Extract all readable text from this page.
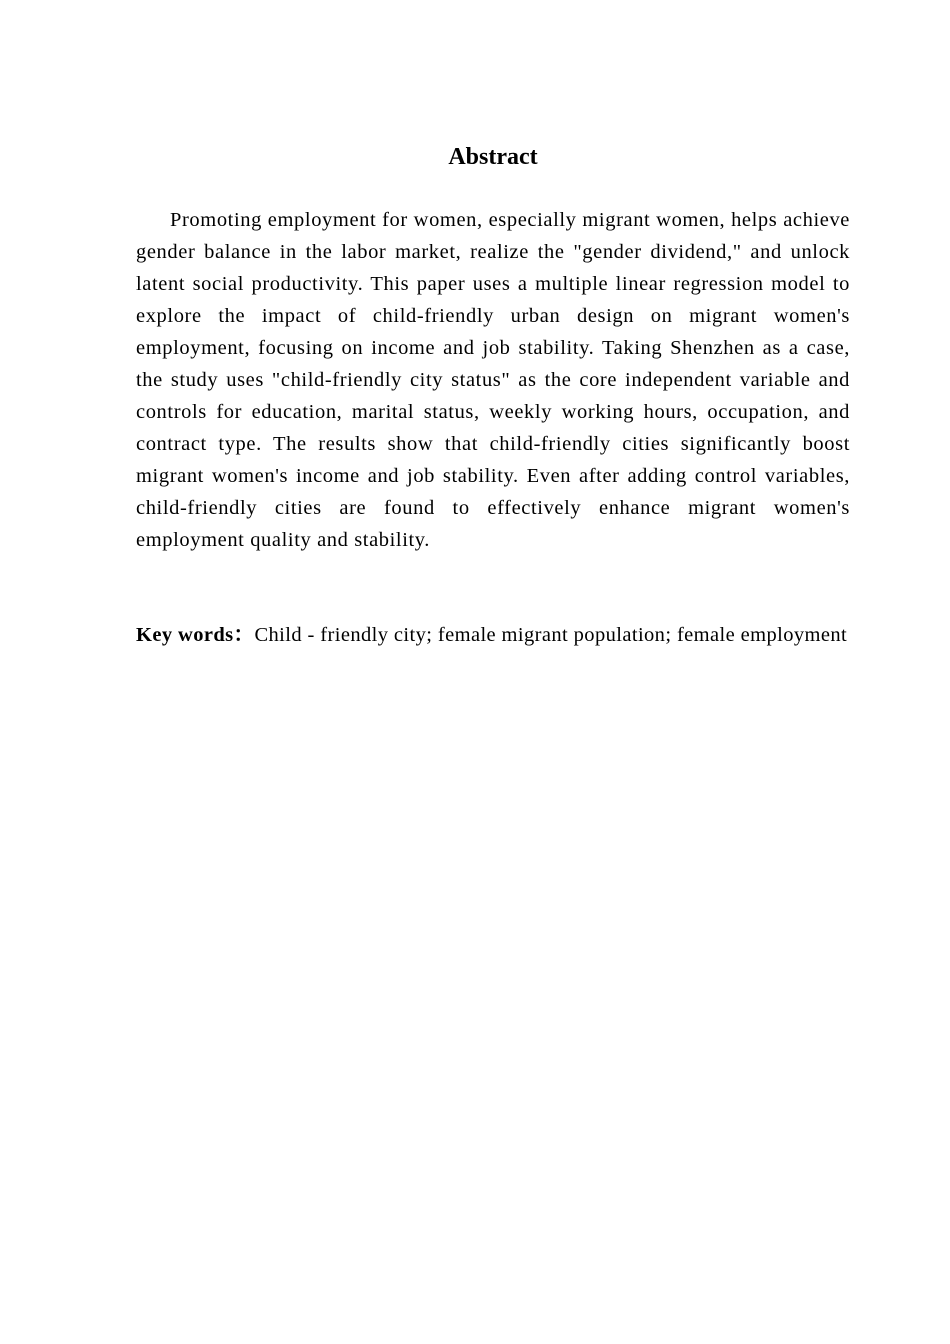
Abstract

Promoting employment for women, especially migrant women, helps achieve gender balance in the labor market, realize the "gender dividend," and unlock latent social productivity. This paper uses a multiple linear regression model to explore the impact of child-friendly urban design on migrant women's employment, focusing on income and job stability. Taking Shenzhen as a case, the study uses "child-friendly city status" as the core independent variable and controls for education, marital status, weekly working hours, occupation, and contract type. The results show that child-friendly cities significantly boost migrant women's income and job stability. Even after adding control variables, child-friendly cities are found to effectively enhance migrant women's employment quality and stability.

Key words：Child - friendly city; female migrant population; female employment
